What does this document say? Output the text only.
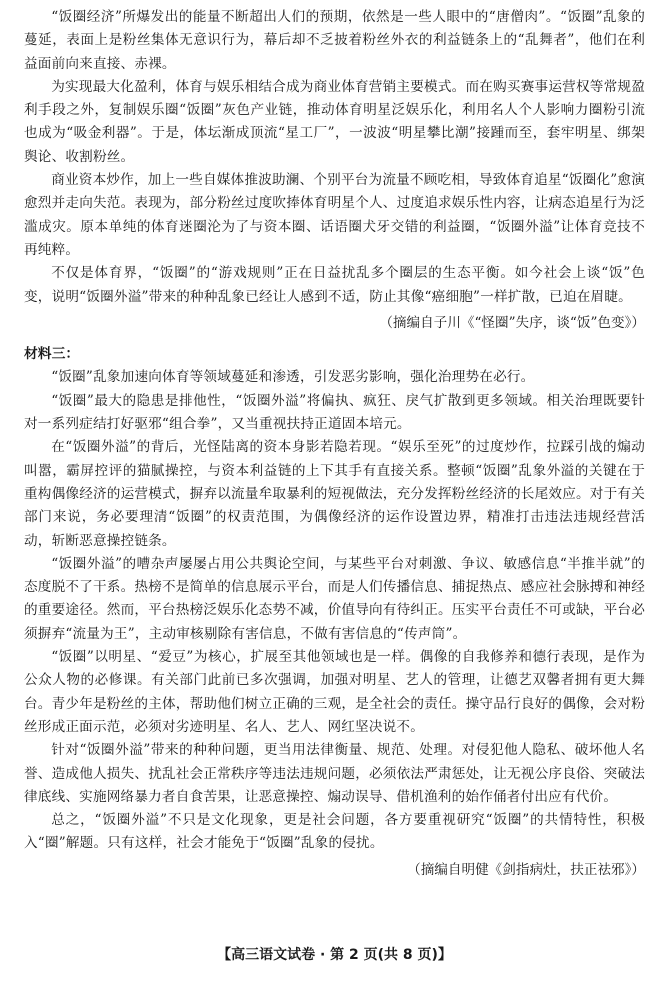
“饭圈经济”所爆发出的能量不断超出人们的预期，依然是一些人眼中的“唐僧肉”。“饭圈”乱象的蔓延，表面上是粉丝集体无意识行为，幕后却不乏披着粉丝外衣的利益链条上的“乱舞者”，他们在利益面前向来直接、赤裸。

为实现最大化盈利，体育与娱乐相结合成为商业体育营销主要模式。而在购买赛事运营权等常规盈利手段之外，复制娱乐圈“饭圈”灰色产业链，推动体育明星泛娱乐化，利用名人个人影响力圈粉引流也成为“吸金利器”。于是，体坛渐成顶流“星工厂”，一波波“明星攀比潮”接踵而至，套牢明星、绑架舆论、收割粉丝。

商业资本炒作，加上一些自媒体推波助澜、个别平台为流量不顾吃相，导致体育追星“饭圈化”愈演愈烈并走向失范。表现为，部分粉丝过度吹捧体育明星个人、过度追求娱乐性内容，让病态追星行为泛滥成灾。原本单纯的体育迷圈沦为了与资本圈、话语圈犬牙交错的利益圈，“饭圈外溢”让体育竞技不再纯粹。

不仅是体育界，“饭圈”的“游戏规则”正在日益扰乱多个圈层的生态平衡。如今社会上谈“饭”色变，说明“饭圈外溢”带来的种种乱象已经让人感到不适，防止其像“癌细胞”一样扩散，已迫在眉睫。

（摘编自子川《“怪圈”失序，谈“饭”色变》）

材料三：

“饭圈”乱象加速向体育等领域蔓延和渗透，引发恶劣影响，强化治理势在必行。

“饭圈”最大的隐患是排他性，“饭圈外溢”将偏执、疯狂、戾气扩散到更多领域。相关治理既要针对一系列症结打好驱邪“组合拳”，又当重视扶持正道固本培元。

在“饭圈外溢”的背后，光怪陆离的资本身影若隐若现。“娱乐至死”的过度炒作，拉踩引战的煽动叫嚣，霸屏控评的猫腻操控，与资本利益链的上下其手有直接关系。整顿“饭圈”乱象外溢的关键在于重构偶像经济的运营模式，摒弃以流量牟取暴利的短视做法，充分发挥粉丝经济的长尾效应。对于有关部门来说，务必要理清“饭圈”的权责范围，为偶像经济的运作设置边界，精准打击违法违规经营活动，斩断恶意操控链条。

“饭圈外溢”的嘈杂声屡屡占用公共舆论空间，与某些平台对刺激、争议、敏感信息“半推半就”的态度脱不了干系。热榜不是简单的信息展示平台，而是人们传播信息、捕捉热点、感应社会脉搏和神经的重要途径。然而，平台热榜泛娱乐化态势不减，价值导向有待纠正。压实平台责任不可或缺，平台必须摒弃“流量为王”，主动审核剔除有害信息，不做有害信息的“传声筒”。

“饭圈”以明星、“爱豆”为核心，扩展至其他领域也是一样。偶像的自我修养和德行表现，是作为公众人物的必修课。有关部门此前已多次强调，加强对明星、艺人的管理，让德艺双馨者拥有更大舞台。青少年是粉丝的主体，帮助他们树立正确的三观，是全社会的责任。操守品行良好的偶像，会对粉丝形成正面示范，必须对劣迹明星、名人、艺人、网红坚决说不。

针对“饭圈外溢”带来的种种问题，更当用法律衡量、规范、处理。对侵犯他人隐私、破坏他人名誉、造成他人损失、扰乱社会正常秩序等违法违规问题，必须依法严肃惩处，让无视公序良俗、突破法律底线、实施网络暴力者自食苦果，让恶意操控、煽动误导、借机渔利的始作俑者付出应有代价。

总之，“饭圈外溢”不只是文化现象，更是社会问题，各方要重视研究“饭圈”的共情特性，积极入“圈”解题。只有这样，社会才能免于“饭圈”乱象的侵扰。

（摘编自明健《剑指病灶，扶正祛邪》）

【高三语文试卷 · 第 2 页(共 8 页)】
